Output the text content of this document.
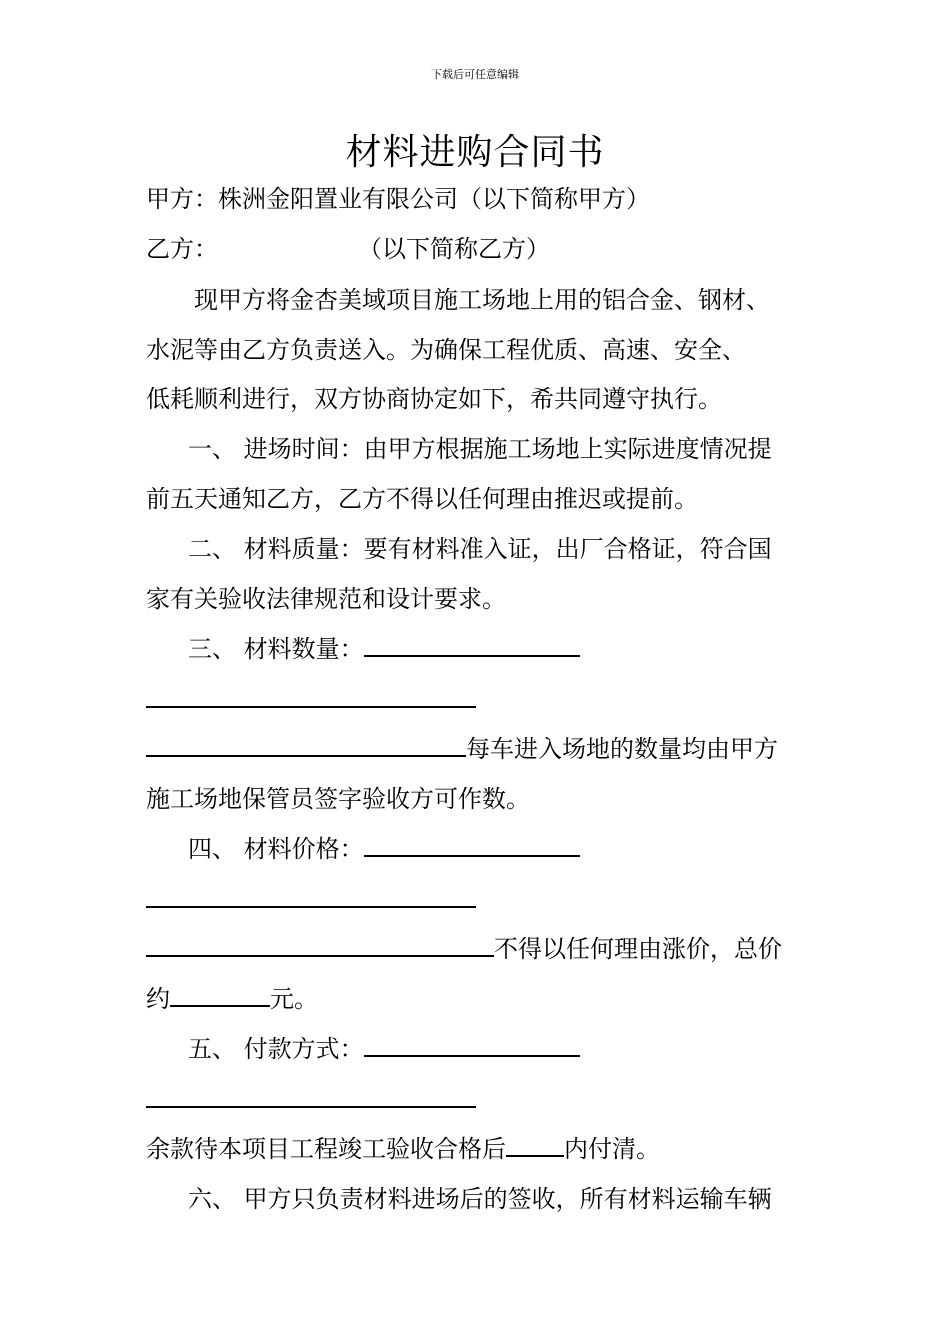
下载后可任意编辑
材料进购合同书
甲方：株洲金阳置业有限公司（以下简称甲方）
乙方：	（以下简称乙方）
现甲方将金杏美域项目施工场地上用的铝合金、钢材、
水泥等由乙方负责送入。为确保工程优质、高速、安全、
低耗顺利进行，双方协商协定如下，希共同遵守执行。
一、 进场时间：由甲方根据施工场地上实际进度情况提
前五天通知乙方，乙方不得以任何理由推迟或提前。
二、 材料质量：要有材料准入证，出厂合格证，符合国
家有关验收法律规范和设计要求。
三、 材料数量：
每车进入场地的数量均由甲方
施工场地保管员签字验收方可作数。
四、 材料价格：
不得以任何理由涨价，总价
约	元。
五、 付款方式：
余款待本项目工程竣工验收合格后 内付清。
六、 甲方只负责材料进场后的签收，所有材料运输车辆
